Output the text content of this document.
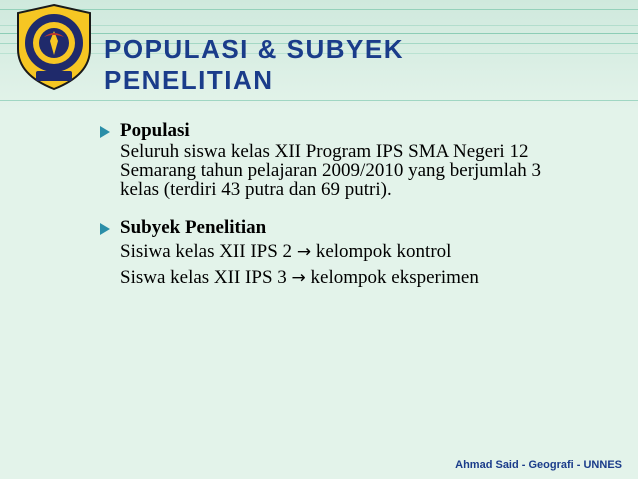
POPULASI & SUBYEK
PENELITIAN
Populasi
Seluruh siswa kelas XII Program IPS SMA Negeri 12
Semarang tahun pelajaran 2009/2010 yang berjumlah 3
kelas (terdiri 43 putra dan 69 putri).
Subyek Penelitian
Sisiwa kelas XII IPS 2 → kelompok kontrol
Siswa kelas XII IPS 3 → kelompok eksperimen
Ahmad Said - Geografi - UNNES
